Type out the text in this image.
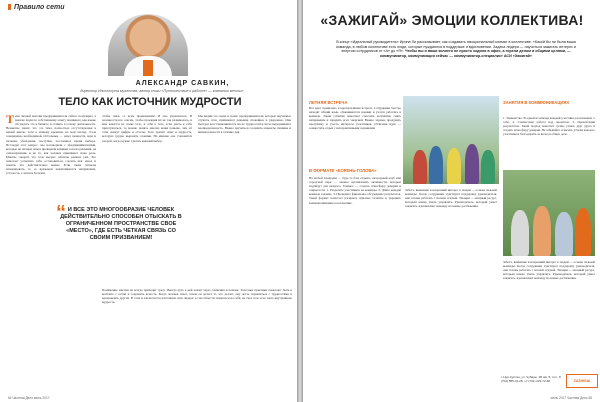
Правило сети
АЛЕКСАНДР САВКИН,
директор Института мужества, автор книги «Путешествие к работе» — компании мечты»
ТЕЛО КАК ИСТОЧНИК МУДРОСТИ
Тема личной миссии предпринимателя сейчас популярна, а многие люди по собственному опыту понимают, как важно обсуждать это в бизнесе и ставить в основу деятельности. Немногие знают, что это тема, полностью отсутствующая в нашей школе, хотя к нашему времени, на мой взгляд, стала совершенно необходимой. Остальные — опыт, ценности, вера и сильные убеждения, поступки, постоянное время выбора. Исследуя этот вопрос, мы поговорили с предпринимателями, которые на личном опыте проверили влияние тела на решения, на самоощущение и на то, как человек принимает свою роль. Многие говорят, что тело выдает сигналы раньше ума. Это помогает услышать себя, остановиться, сделать шаг назад и понять, что действительно важно. Если такие сигналы игнорировать, то со временем накапливаются напряжение, усталость, а затем и болезни.
чтобы связь со всем проявлением! И она управлялась. В реальности все совсем, чтобы проекция их не так развивалась, и мне кажется на стыке тело, и себя в теле, если уметь к себе прислушаться, то можно понять многие вещи раньше, чем об этом скажут цифры и отчеты. Тело хранит опыт и мудрость, которую трудно выразить словами. Но именно она становится опорой, когда нужно сделать важный выбор.
Мы видим это снова и снова: предприниматели, которые научились слушать тело, принимают решения спокойнее и увереннее. Они быстрее восстанавливаются после трудностей и легче выдерживают неопределенность. Важно научиться создавать моменты тишины и внимательности в течение дня.
“ И ВСЕ ЭТО МНОГООБРАЗИЕ ЧЕЛОВЕК ДЕЙСТВИТЕЛЬНО СПОСОБЕН ОТЫСКАТЬ В ОГРАНИЧЕННОМ ПРОСТРАНСТВЕ СВОЕ «МЕСТО», ГДЕ ЕСТЬ ЧЕТКАЯ СВЯЗЬ СО СВОИМ ПРИЗВАНИЕМ!
Понимание миссии не всегда приходит сразу. Иногда путь к ней лежит через сомнения и поиски. Телесные практики помогают быть в контакте с собой и сохранять ясность. Когда человек знает, зачем он делает то, что делает, ему легче справляться с трудностями и вдохновлять других. В этом и заключается настоящая сила лидера: в способности опираться на себя, на свое тело и на свою внутреннюю мудрость.
64 Частная Дело июль 2017
«ЗАЖИГАЙ» ЭМОЦИИ КОЛЛЕКТИВА!
В конце «Идеальный руководитель» Ирина Ли рассказывает, как создавать эмоциональный климат в коллективе: «Какой бы ни была ваша команда, в любом коллективе есть люди, которые нуждаются в поддержке и вдохновении. Задача лидера — научиться зажигать интерес и энергию сотрудников от «А» до «Я». Чтобы вы и ваши коллеги не просто ходили в офис, а горели делом и общими целями, — коммуникатор, коммуникация сейчас — коммуникатор-специалист АСИ «Зажигай»
ЛЕТНЯЯ ВСТРЕЧА
Все идет правильно и корпоративная встреча. Сотрудники быстро находят общий язык, обмениваются идеями и учатся работать в команде. Такие события помогают сплотить коллектив, снять напряжение и зарядить всех энергией. Важно заранее продумать программу и учесть интересы участников. Отличная идея — совместить отдых с интерактивными заданиями.
В ФОРМАТЕ «КОРЕНЬ-ГОЛОВА»
На любой площадке — будь то база отдыха, загородный клуб или городской парк — можно организовать активности, которые подойдут для каждого. Главное — создать атмосферу доверия и открытости. 1. Разделите участников на команды. 2. Дайте каждой команде задание. 3. Проведите финальное обсуждение результатов. Такой формат помогает раскрыть скрытые таланты и укрепить взаимопонимание в коллективе.
Забота, внимание и искренний интерес к людям — основа сильной команды. Когда сотрудники чувствуют поддержку руководителя, они готовы работать с полной отдачей. Эмоции — мощный ресурс, которым важно уметь управлять. Руководитель, который умеет зажигать, вдохновляет команду на новые достижения.
ЗАНЯТИЯ В КОММЮНИКАЦИЯХ
1. Знакомство. В одной из команд каждый участник рассказывает о себе. 2. Совместная работа над проектом. 3. Презентация результатов. Такой подход помогает лучше узнать друг друга и создать атмосферу доверия. Не забывайте отмечать успехи каждого участника и благодарить за вклад в общее дело.
Забота, внимание и искренний интерес к людям — основа сильной команды. Когда сотрудники чувствуют поддержку руководителя, они готовы работать с полной отдачей. Эмоции — мощный ресурс, которым важно уметь управлять. Руководитель, который умеет зажигать, вдохновляет команду на новые достижения.
г. Нур-Султан, ул. Чубары, 28 оф. 5, тел.: 8 (702) 555-41-28, +7 (701) 223-72-48	ZAZHIGAI
июль 2017 Частная Дело 65
